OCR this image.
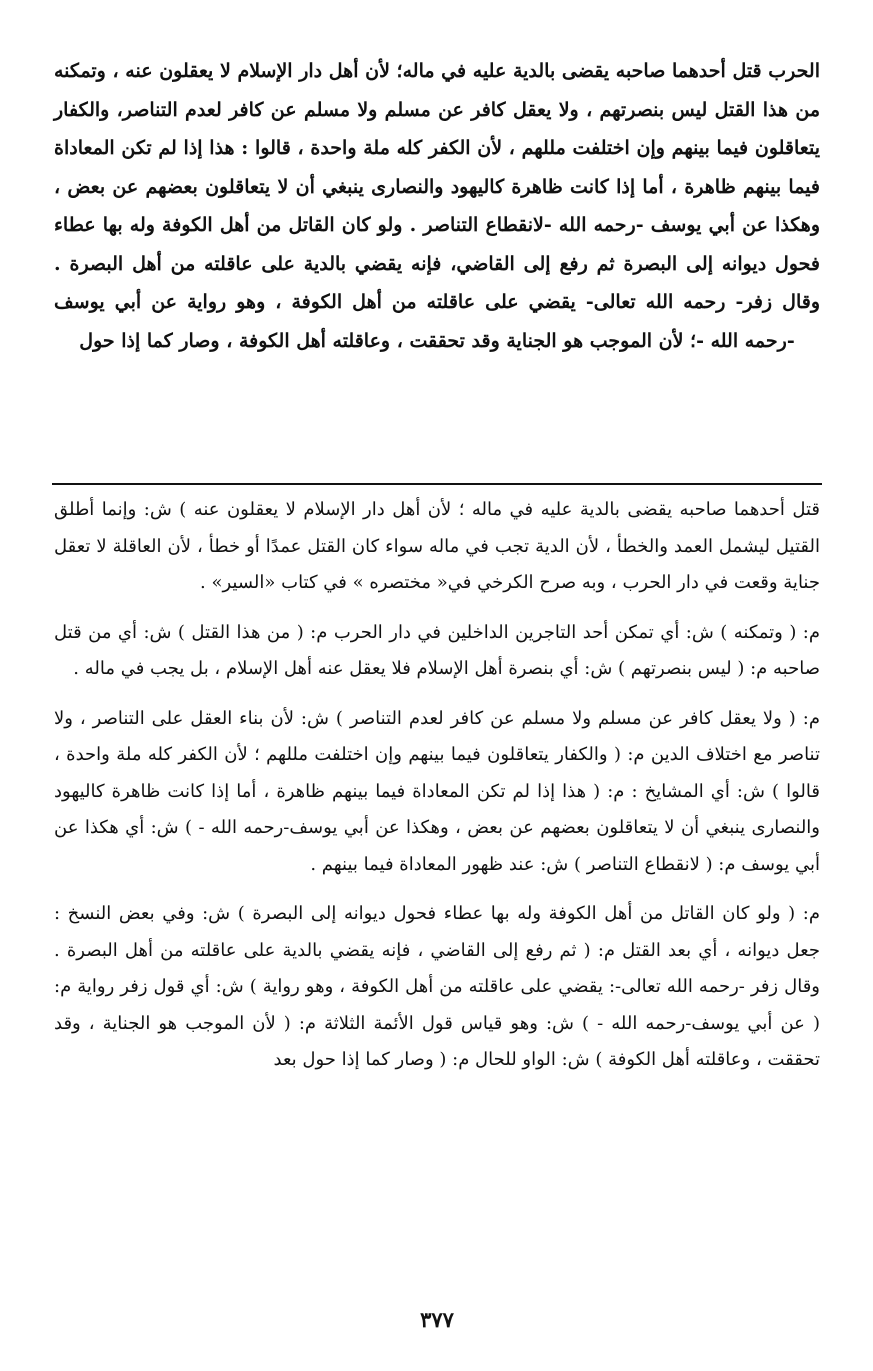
الحرب قتل أحدهما صاحبه يقضى بالدية عليه في ماله؛ لأن أهل دار الإسلام لا يعقلون عنه ، وتمكنه من هذا القتل ليس بنصرتهم ، ولا يعقل كافر عن مسلم ولا مسلم عن كافر لعدم التناصر، والكفار يتعاقلون فيما بينهم وإن اختلفت مللهم ، لأن الكفر كله ملة واحدة ، قالوا : هذا إذا لم تكن المعاداة فيما بينهم ظاهرة ، أما إذا كانت ظاهرة كاليهود والنصارى ينبغي أن لا يتعاقلون بعضهم عن بعض ، وهكذا عن أبي يوسف -رحمه الله -لانقطاع التناصر . ولو كان القاتل من أهل الكوفة وله بها عطاء فحول ديوانه إلى البصرة ثم رفع إلى القاضي، فإنه يقضي بالدية على عاقلته من أهل البصرة . وقال زفر- رحمه الله تعالى- يقضي على عاقلته من أهل الكوفة ، وهو رواية عن أبي يوسف -رحمه الله -؛ لأن الموجب هو الجناية وقد تحققت ، وعاقلته أهل الكوفة ، وصار كما إذا حول

قتل أحدهما صاحبه يقضى بالدية عليه في ماله ؛ لأن أهل دار الإسلام لا يعقلون عنه ) ش: وإنما أطلق القتيل ليشمل العمد والخطأ ، لأن الدية تجب في ماله سواء كان القتل عمدًا أو خطأ ، لأن العاقلة لا تعقل جناية وقعت في دار الحرب ، وبه صرح الكرخي في« مختصره » في كتاب «السير» .

م: ( وتمكنه ) ش: أي تمكن أحد التاجرين الداخلين في دار الحرب م: ( من هذا القتل ) ش: أي من قتل صاحبه م: ( ليس بنصرتهم ) ش: أي بنصرة أهل الإسلام فلا يعقل عنه أهل الإسلام ، بل يجب في ماله .

م: ( ولا يعقل كافر عن مسلم ولا مسلم عن كافر لعدم التناصر ) ش: لأن بناء العقل على التناصر ، ولا تناصر مع اختلاف الدين م: ( والكفار يتعاقلون فيما بينهم وإن اختلفت مللهم ؛ لأن الكفر كله ملة واحدة ، قالوا ) ش: أي المشايخ : م: ( هذا إذا لم تكن المعاداة فيما بينهم ظاهرة ، أما إذا كانت ظاهرة كاليهود والنصارى ينبغي أن لا يتعاقلون بعضهم عن بعض ، وهكذا عن أبي يوسف-رحمه الله - ) ش: أي هكذا عن أبي يوسف م: ( لانقطاع التناصر ) ش: عند ظهور المعاداة فيما بينهم .

م: ( ولو كان القاتل من أهل الكوفة وله بها عطاء فحول ديوانه إلى البصرة ) ش: وفي بعض النسخ : جعل ديوانه ، أي بعد القتل م: ( ثم رفع إلى القاضي ، فإنه يقضي بالدية على عاقلته من أهل البصرة . وقال زفر -رحمه الله تعالى-: يقضي على عاقلته من أهل الكوفة ، وهو رواية ) ش: أي قول زفر رواية م: ( عن أبي يوسف-رحمه الله - ) ش: وهو قياس قول الأئمة الثلاثة م: ( لأن الموجب هو الجناية ، وقد تحققت ، وعاقلته أهل الكوفة ) ش: الواو للحال م: ( وصار كما إذا حول بعد

٣٧٧
